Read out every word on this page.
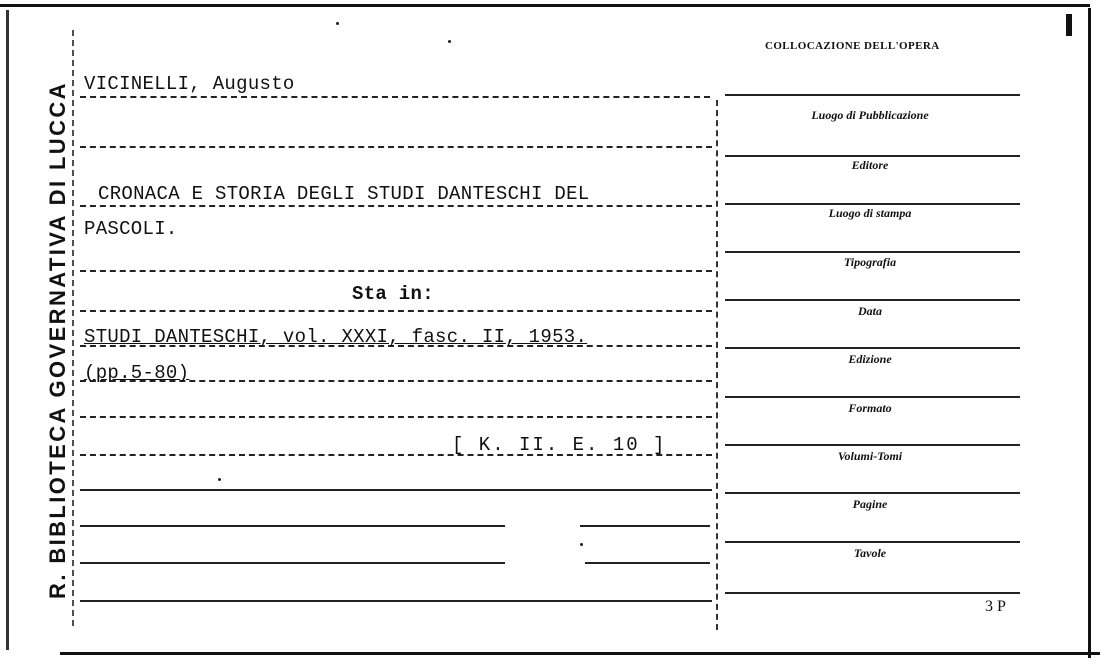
R. BIBLIOTECA GOVERNATIVA DI LUCCA VICINELLI, Augusto
CRONACA E STORIA DEGLI STUDI DANTESCHI DEL
PASCOLI.
Sta in:
STUDI DANTESCHI, vol. XXXI, fasc. II, 1953.
(pp.5-80)
[ K. II. E. 10 ]
COLLOCAZIONE DELL'OPERA
Luogo di Pubblicazione
Editore
Luogo di stampa
Tipografia
Data
Edizione
Formato
Volumi-Tomi
Pagine
Tavole
3 P
